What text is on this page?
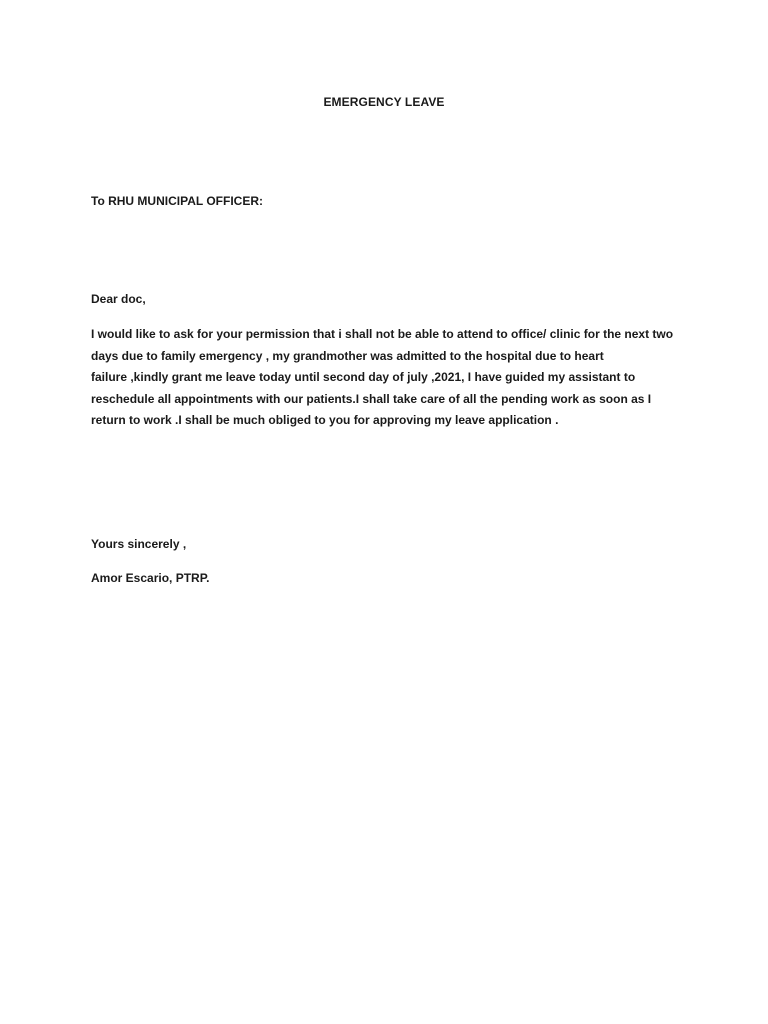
EMERGENCY LEAVE
To RHU MUNICIPAL OFFICER:
Dear doc,
I would like to ask for your permission that i shall not be able to attend to office/ clinic for the next two
days due to family emergency , my grandmother was admitted to the hospital due to heart
failure ,kindly grant me leave today until second day of july ,2021, I have guided my assistant to
reschedule all appointments with our patients.I shall take care of all the pending work as soon as I
return to work .I shall be much obliged to you for approving my leave application .
Yours sincerely ,
Amor Escario, PTRP.
